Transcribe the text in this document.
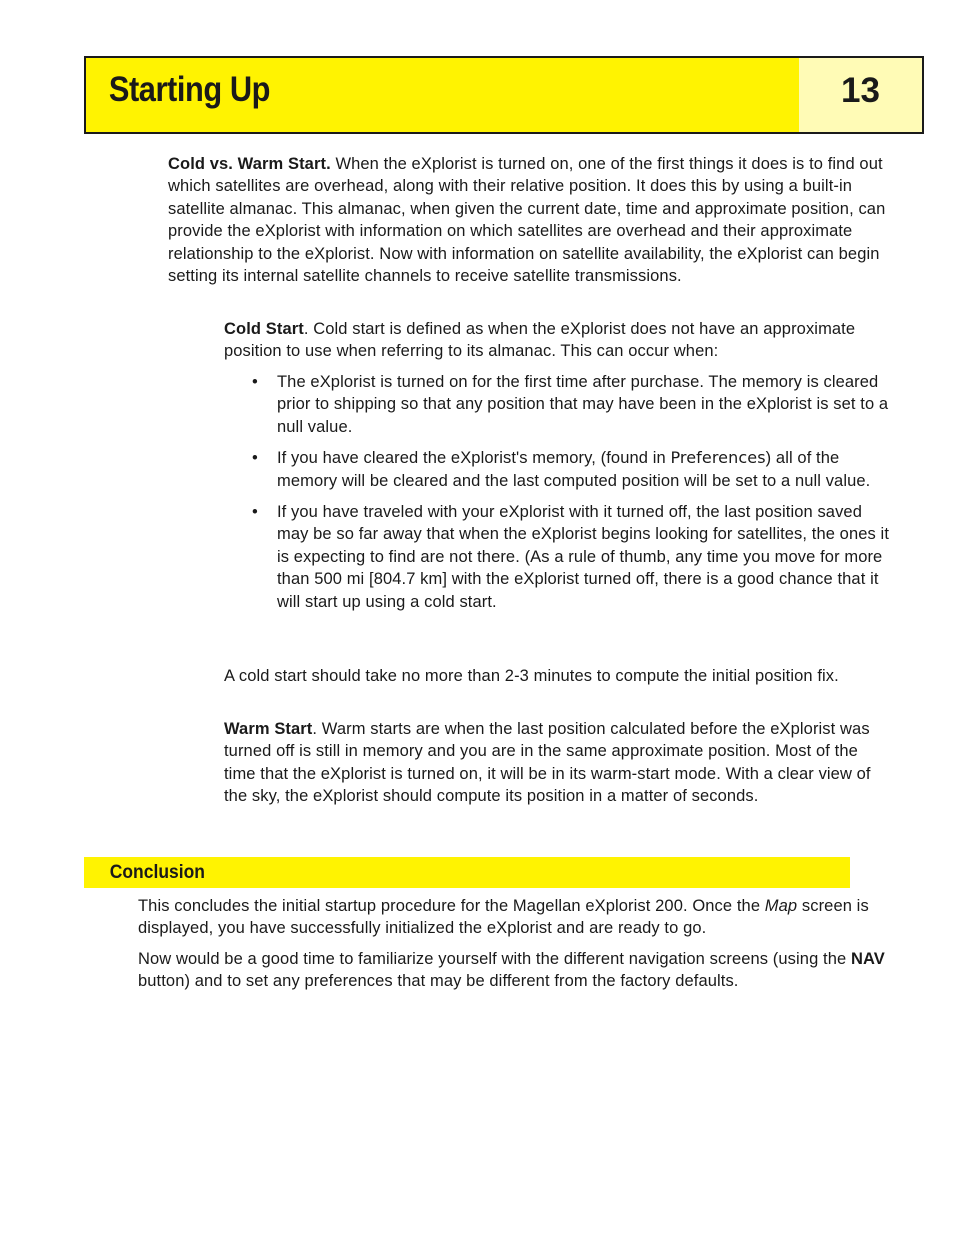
Starting Up	13
Cold vs. Warm Start. When the eXplorist is turned on, one of the first things it does is to find out which satellites are overhead, along with their relative position. It does this by using a built-in satellite almanac. This almanac, when given the current date, time and approximate position, can provide the eXplorist with information on which satellites are overhead and their approximate relationship to the eXplorist. Now with information on satellite availability, the eXplorist can begin setting its internal satellite channels to receive satellite transmissions.
Cold Start. Cold start is defined as when the eXplorist does not have an approximate position to use when referring to its almanac. This can occur when:
• The eXplorist is turned on for the first time after purchase. The memory is cleared prior to shipping so that any position that may have been in the eXplorist is set to a null value.
• If you have cleared the eXplorist's memory, (found in Preferences) all of the memory will be cleared and the last computed position will be set to a null value.
• If you have traveled with your eXplorist with it turned off, the last position saved may be so far away that when the eXplorist begins looking for satellites, the ones it is expecting to find are not there. (As a rule of thumb, any time you move for more than 500 mi [804.7 km] with the eXplorist turned off, there is a good chance that it will start up using a cold start.
A cold start should take no more than 2-3 minutes to compute the initial position fix.
Warm Start. Warm starts are when the last position calculated before the eXplorist was turned off is still in memory and you are in the same approximate position. Most of the time that the eXplorist is turned on, it will be in its warm-start mode. With a clear view of the sky, the eXplorist should compute its position in a matter of seconds.
Conclusion
This concludes the initial startup procedure for the Magellan eXplorist 200. Once the Map screen is displayed, you have successfully initialized the eXplorist and are ready to go.
Now would be a good time to familiarize yourself with the different navigation screens (using the NAV button) and to set any preferences that may be different from the factory defaults.
